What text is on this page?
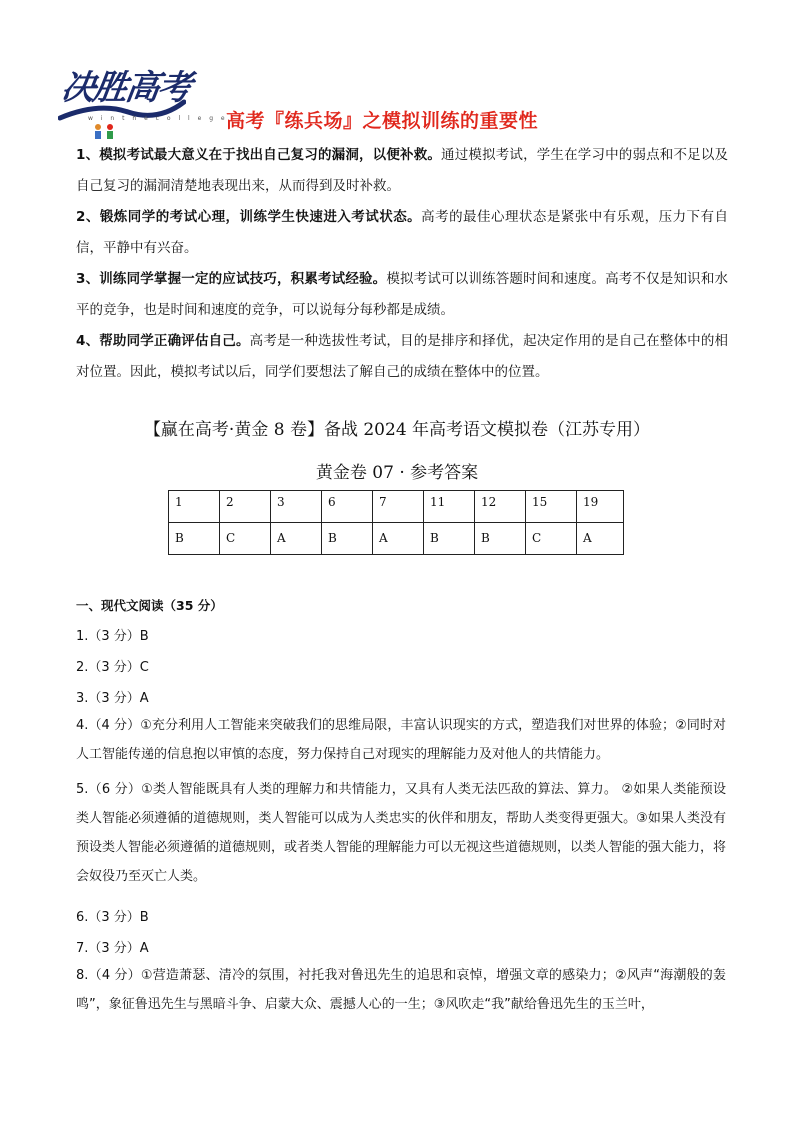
决胜高考
w i n t h e c o l l e g e
高考『练兵场』之模拟训练的重要性
1、模拟考试最大意义在于找出自己复习的漏洞，以便补救。通过模拟考试，学生在学习中的弱点和不足以及自己复习的漏洞清楚地表现出来，从而得到及时补救。
2、锻炼同学的考试心理，训练学生快速进入考试状态。高考的最佳心理状态是紧张中有乐观，压力下有自信，平静中有兴奋。
3、训练同学掌握一定的应试技巧，积累考试经验。模拟考试可以训练答题时间和速度。高考不仅是知识和水平的竞争，也是时间和速度的竞争，可以说每分每秒都是成绩。
4、帮助同学正确评估自己。高考是一种选拔性考试，目的是排序和择优，起决定作用的是自己在整体中的相对位置。因此，模拟考试以后，同学们要想法了解自己的成绩在整体中的位置。
【赢在高考·黄金 8 卷】备战 2024 年高考语文模拟卷（江苏专用）
黄金卷 07 · 参考答案
1	2	3	6	7	11	12	15	19
B	C	A	B	A	B	B	C	A
一、现代文阅读（35 分）
1.（3 分）B
2.（3 分）C
3.（3 分）A
4.（4 分）①充分利用人工智能来突破我们的思维局限，丰富认识现实的方式，塑造我们对世界的体验；②同时对人工智能传递的信息抱以审慎的态度，努力保持自己对现实的理解能力及对他人的共情能力。
5.（6 分）①类人智能既具有人类的理解力和共情能力，又具有人类无法匹敌的算法、算力。 ②如果人类能预设类人智能必须遵循的道德规则，类人智能可以成为人类忠实的伙伴和朋友，帮助人类变得更强大。③如果人类没有预设类人智能必须遵循的道德规则，或者类人智能的理解能力可以无视这些道德规则，以类人智能的强大能力，将会奴役乃至灭亡人类。
6.（3 分）B
7.（3 分）A
8.（4 分）①营造萧瑟、清冷的氛围，衬托我对鲁迅先生的追思和哀悼，增强文章的感染力；②风声“海潮般的轰鸣”，象征鲁迅先生与黑暗斗争、启蒙大众、震撼人心的一生；③风吹走“我”献给鲁迅先生的玉兰叶，
